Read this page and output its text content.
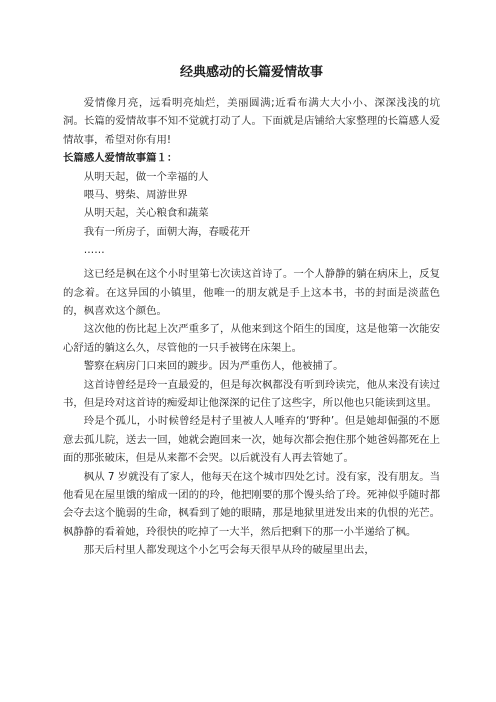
经典感动的长篇爱情故事

爱情像月亮，远看明亮灿烂，美丽圆满;近看布满大大小小、深深浅浅的坑洞。长篇的爱情故事不知不觉就打动了人。下面就是店铺给大家整理的长篇感人爱情故事，希望对你有用!

长篇感人爱情故事篇１：

从明天起，做一个幸福的人

喂马、劈柴、周游世界

从明天起，关心粮食和蔬菜

我有一所房子，面朝大海，春暖花开

……

这已经是枫在这个小时里第七次读这首诗了。一个人静静的躺在病床上，反复的念着。在这异国的小镇里，他唯一的朋友就是手上这本书，书的封面是淡蓝色的，枫喜欢这个颜色。

这次他的伤比起上次严重多了，从他来到这个陌生的国度，这是他第一次能安心舒适的躺这么久，尽管他的一只手被铐在床架上。

警察在病房门口来回的踱步。因为严重伤人，他被捕了。

这首诗曾经是玲一直最爱的，但是每次枫都没有听到玲读完，他从来没有读过书，但是玲对这首诗的痴爱却让他深深的记住了这些字，所以他也只能读到这里。

玲是个孤儿，小时候曾经是村子里被人人唾弃的‘野种’。但是她却倔强的不愿意去孤儿院，送去一回，她就会跑回来一次，她每次都会抱住那个她爸妈都死在上面的那张破床，但是从来都不会哭。以后就没有人再去管她了。

枫从 7 岁就没有了家人，他每天在这个城市四处乞讨。没有家，没有朋友。当他看见在屋里饿的缩成一团的的玲，他把刚要的那个馒头给了玲。死神似乎随时都会夺去这个脆弱的生命，枫看到了她的眼睛，那是地狱里迸发出来的仇恨的光芒。枫静静的看着她，玲很快的吃掉了一大半，然后把剩下的那一小半递给了枫。

那天后村里人都发现这个小乞丐会每天很早从玲的破屋里出去，
